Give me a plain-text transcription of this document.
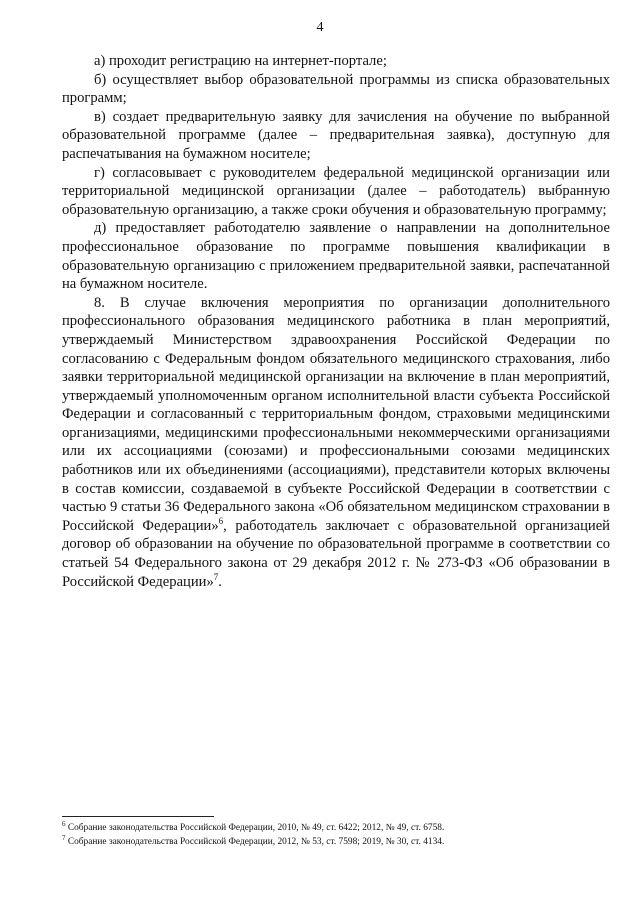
4

а) проходит регистрацию на интернет-портале;

б) осуществляет выбор образовательной программы из списка образовательных программ;

в) создает предварительную заявку для зачисления на обучение по выбранной образовательной программе (далее – предварительная заявка), доступную для распечатывания на бумажном носителе;

г) согласовывает с руководителем федеральной медицинской организации или территориальной медицинской организации (далее – работодатель) выбранную образовательную организацию, а также сроки обучения и образовательную программу;

д) предоставляет работодателю заявление о направлении на дополнительное профессиональное образование по программе повышения квалификации в образовательную организацию с приложением предварительной заявки, распечатанной на бумажном носителе.

8. В случае включения мероприятия по организации дополнительного профессионального образования медицинского работника в план мероприятий, утверждаемый Министерством здравоохранения Российской Федерации по согласованию с Федеральным фондом обязательного медицинского страхования, либо заявки территориальной медицинской организации на включение в план мероприятий, утверждаемый уполномоченным органом исполнительной власти субъекта Российской Федерации и согласованный с территориальным фондом, страховыми медицинскими организациями, медицинскими профессиональными некоммерческими организациями или их ассоциациями (союзами) и профессиональными союзами медицинских работников или их объединениями (ассоциациями), представители которых включены в состав комиссии, создаваемой в субъекте Российской Федерации в соответствии с частью 9 статьи 36 Федерального закона «Об обязательном медицинском страховании в Российской Федерации»$^6$, работодатель заключает с образовательной организацией договор об образовании на обучение по образовательной программе в соответствии со статьей 54 Федерального закона от 29 декабря 2012 г. № 273-ФЗ «Об образовании в Российской Федерации»$^7$.

$^6$ Собрание законодательства Российской Федерации, 2010, № 49, ст. 6422; 2012, № 49, ст. 6758.

$^7$ Собрание законодательства Российской Федерации, 2012, № 53, ст. 7598; 2019, № 30, ст. 4134.
